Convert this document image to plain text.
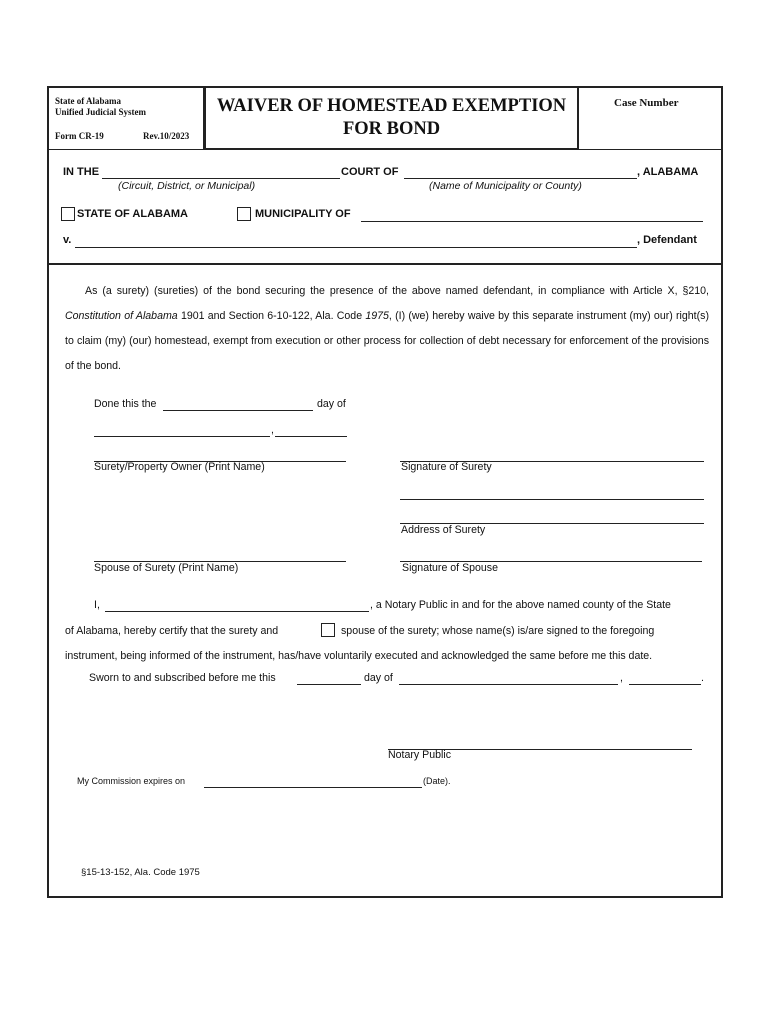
State of Alabama
Unified Judicial System
Form CR-19	Rev.10/2023
WAIVER OF HOMESTEAD EXEMPTION
FOR BOND
Case Number
IN THE	COURT OF	, ALABAMA
(Circuit, District, or Municipal)	(Name of Municipality or County)
STATE OF ALABAMA	MUNICIPALITY OF
v.	, Defendant
As (a surety) (sureties) of the bond securing the presence of the above named defendant, in compliance with Article X, §210, Constitution of Alabama 1901 and Section 6-10-122, Ala. Code 1975, (I) (we) hereby waive by this separate instrument (my) our) right(s) to claim (my) (our) homestead, exempt from execution or other process for collection of debt necessary for enforcement of the provisions of the bond.
Done this the	day of
,
Surety/Property Owner (Print Name)	Signature of Surety
Address of Surety
Spouse of Surety (Print Name)	Signature of Spouse
I,	, a Notary Public in and for the above named county of the State
of Alabama, hereby certify that the surety and	spouse of the surety; whose name(s) is/are signed to the foregoing
instrument, being informed of the instrument, has/have voluntarily executed and acknowledged the same before me this date.
Sworn to and subscribed before me this	day of	,	.
Notary Public
My Commission expires on	(Date).
§15-13-152, Ala. Code 1975
